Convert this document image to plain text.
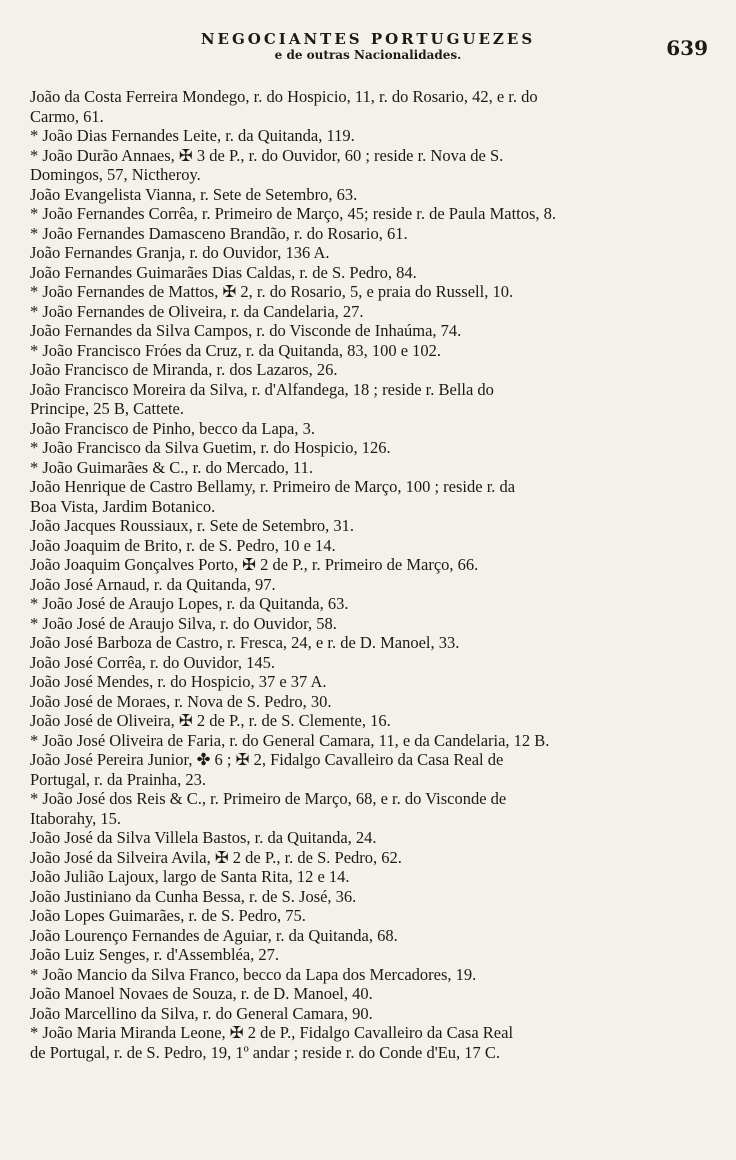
NEGOCIANTES PORTUGUEZES
e de outras Nacionalidades.	639
João da Costa Ferreira Mondego, r. do Hospicio, 11, r. do Rosario, 42, e r. do
Carmo, 61.
* João Dias Fernandes Leite, r. da Quitanda, 119.
* João Durão Annaes, ✠ 3 de P., r. do Ouvidor, 60 ; reside r. Nova de S.
Domingos, 57, Nictheroy.
João Evangelista Vianna, r. Sete de Setembro, 63.
* João Fernandes Corrêa, r. Primeiro de Março, 45; reside r. de Paula Mattos, 8.
* João Fernandes Damasceno Brandão, r. do Rosario, 61.
João Fernandes Granja, r. do Ouvidor, 136 A.
João Fernandes Guimarães Dias Caldas, r. de S. Pedro, 84.
* João Fernandes de Mattos, ✠ 2, r. do Rosario, 5, e praia do Russell, 10.
* João Fernandes de Oliveira, r. da Candelaria, 27.
João Fernandes da Silva Campos, r. do Visconde de Inhaúma, 74.
* João Francisco Fróes da Cruz, r. da Quitanda, 83, 100 e 102.
João Francisco de Miranda, r. dos Lazaros, 26.
João Francisco Moreira da Silva, r. d'Alfandega, 18 ; reside r. Bella do
Principe, 25 B, Cattete.
João Francisco de Pinho, becco da Lapa, 3.
* João Francisco da Silva Guetim, r. do Hospicio, 126.
* João Guimarães & C., r. do Mercado, 11.
João Henrique de Castro Bellamy, r. Primeiro de Março, 100 ; reside r. da
Boa Vista, Jardim Botanico.
João Jacques Roussiaux, r. Sete de Setembro, 31.
João Joaquim de Brito, r. de S. Pedro, 10 e 14.
João Joaquim Gonçalves Porto, ✠ 2 de P., r. Primeiro de Março, 66.
João José Arnaud, r. da Quitanda, 97.
* João José de Araujo Lopes, r. da Quitanda, 63.
* João José de Araujo Silva, r. do Ouvidor, 58.
João José Barboza de Castro, r. Fresca, 24, e r. de D. Manoel, 33.
João José Corrêa, r. do Ouvidor, 145.
João José Mendes, r. do Hospicio, 37 e 37 A.
João José de Moraes, r. Nova de S. Pedro, 30.
João José de Oliveira, ✠ 2 de P., r. de S. Clemente, 16.
* João José Oliveira de Faria, r. do General Camara, 11, e da Candelaria, 12 B.
João José Pereira Junior, ✤ 6 ; ✠ 2, Fidalgo Cavalleiro da Casa Real de
Portugal, r. da Prainha, 23.
* João José dos Reis & C., r. Primeiro de Março, 68, e r. do Visconde de
Itaborahy, 15.
João José da Silva Villela Bastos, r. da Quitanda, 24.
João José da Silveira Avila, ✠ 2 de P., r. de S. Pedro, 62.
João Julião Lajoux, largo de Santa Rita, 12 e 14.
João Justiniano da Cunha Bessa, r. de S. José, 36.
João Lopes Guimarães, r. de S. Pedro, 75.
João Lourenço Fernandes de Aguiar, r. da Quitanda, 68.
João Luiz Senges, r. d'Assembléa, 27.
* João Mancio da Silva Franco, becco da Lapa dos Mercadores, 19.
João Manoel Novaes de Souza, r. de D. Manoel, 40.
João Marcellino da Silva, r. do General Camara, 90.
* João Maria Miranda Leone, ✠ 2 de P., Fidalgo Cavalleiro da Casa Real
de Portugal, r. de S. Pedro, 19, 1º andar ; reside r. do Conde d'Eu, 17 C.
